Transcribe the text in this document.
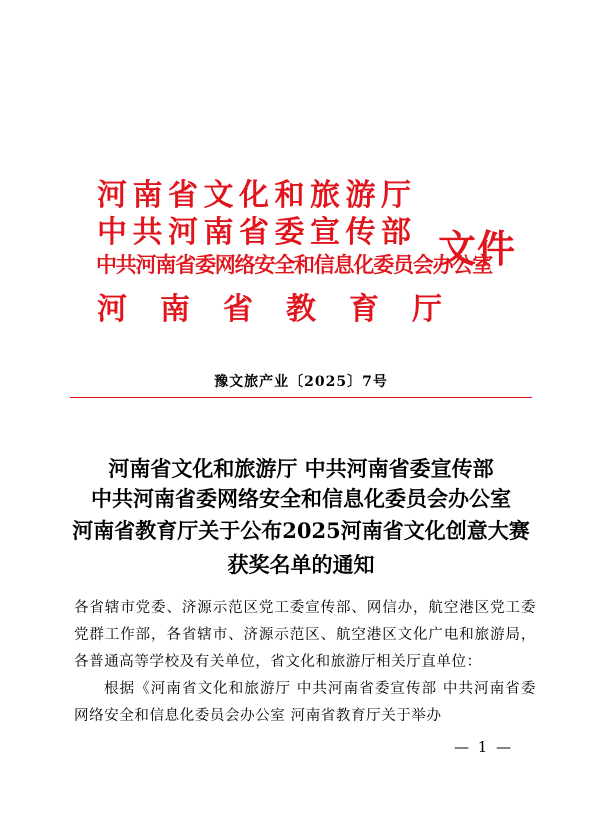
河南省文化和旅游厅
中共河南省委宣传部
中共河南省委网络安全和信息化委员会办公室
河南省教育厅
文件
豫文旅产业〔2025〕7号
河南省文化和旅游厅 中共河南省委宣传部
中共河南省委网络安全和信息化委员会办公室
河南省教育厅关于公布2025河南省文化创意大赛
获奖名单的通知
各省辖市党委、济源示范区党工委宣传部、网信办，航空港区党工委党群工作部，各省辖市、济源示范区、航空港区文化广电和旅游局，各普通高等学校及有关单位，省文化和旅游厅相关厅直单位：
根据《河南省文化和旅游厅 中共河南省委宣传部 中共河南省委网络安全和信息化委员会办公室 河南省教育厅关于举办
— 1 —
